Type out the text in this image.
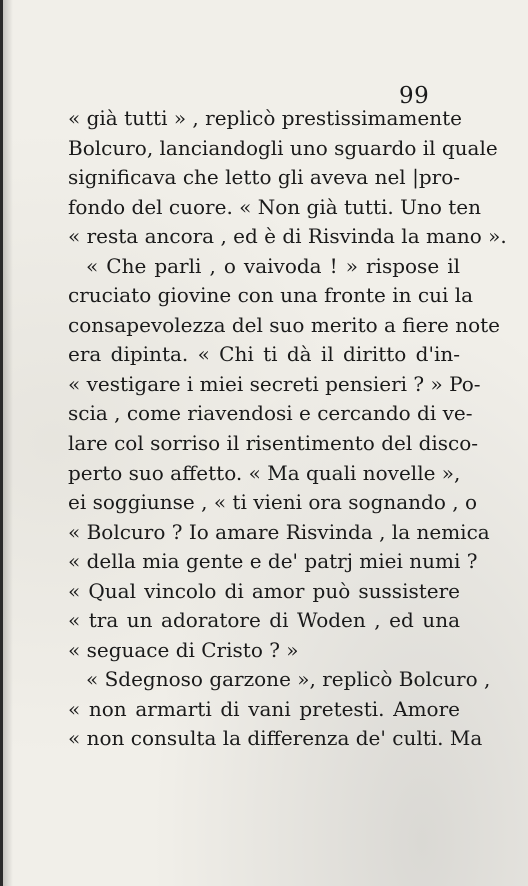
99
« già tutti » , replicò prestissimamente
Bolcuro, lanciandogli uno sguardo il quale
significava che letto gli aveva nel |pro-
fondo del cuore. « Non già tutti. Uno ten
« resta ancora , ed è di Risvinda la mano ».
« Che parli , o vaivoda ! » rispose il
cruciato giovine con una fronte in cui la
consapevolezza del suo merito a fiere note
era dipinta. « Chi ti dà il diritto d'in-
« vestigare i miei secreti pensieri ? » Po-
scia , come riavendosi e cercando di ve-
lare col sorriso il risentimento del disco-
perto suo affetto. « Ma quali novelle »,
ei soggiunse , « ti vieni ora sognando , o
« Bolcuro ? Io amare Risvinda , la nemica
« della mia gente e de' patrj miei numi ?
« Qual vincolo di amor può sussistere
« tra un adoratore di Woden , ed una
« seguace di Cristo ? »
« Sdegnoso garzone », replicò Bolcuro ,
« non armarti di vani pretesti. Amore
« non consulta la differenza de' culti. Ma
